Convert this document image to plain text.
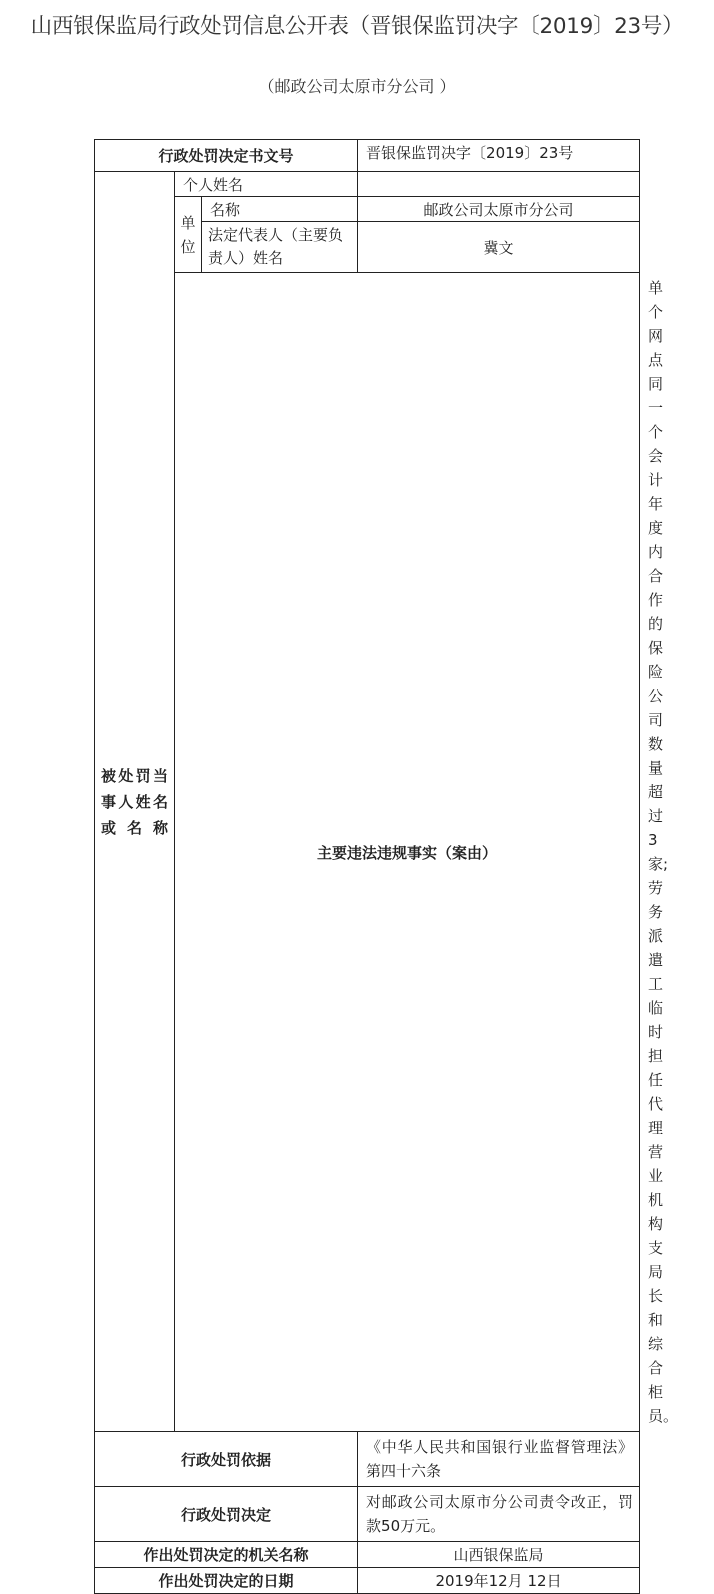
山西银保监局行政处罚信息公开表（晋银保监罚决字〔2019〕23号）
（邮政公司太原市分公司 ）
行政处罚决定书文号			晋银保监罚决字〔2019〕23号	
被处罚当事人姓名或名称	个人姓名			
	单位	名称	邮政公司太原市分公司	
		法定代表人（主要负责人）姓名	冀文	
	主要违法违规事实（案由）			单个网点同一个会计年度内合作的保险公司数量超过3家;劳务派遣工临时担任代理营业机构支局长和综合柜员。
行政处罚依据			《中华人民共和国银行业监督管理法》第四十六条	
行政处罚决定			对邮政公司太原市分公司责令改正，罚款50万元。	
作出处罚决定的机关名称			山西银保监局	
作出处罚决定的日期			2019年12月 12日	
